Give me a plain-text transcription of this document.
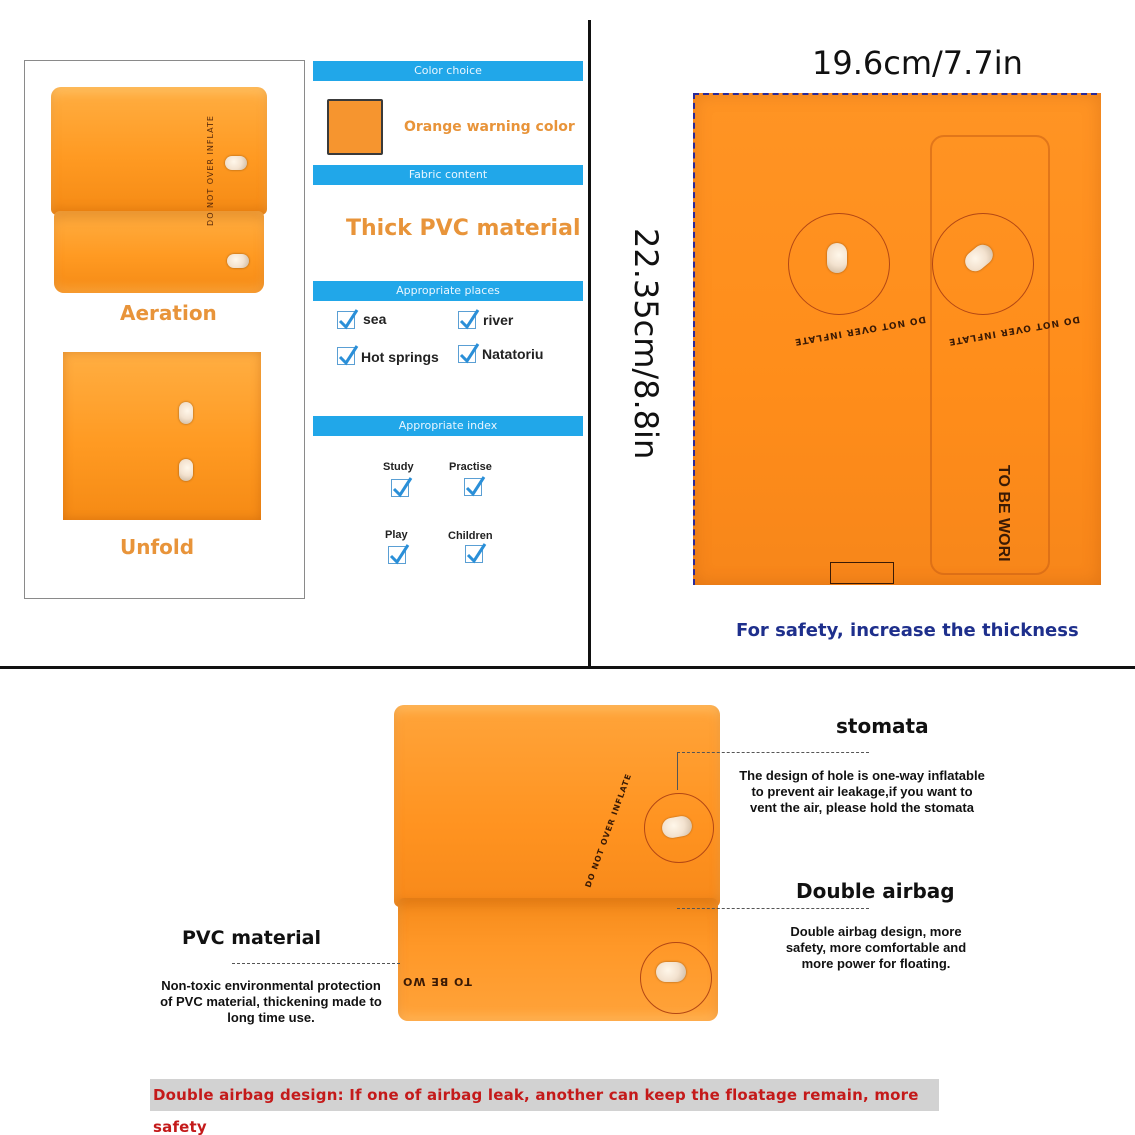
DO NOT OVER INFLATE
Aeration
Unfold
Color choice
Orange warning color
Fabric content
Thick PVC material
Appropriate places
sea	river
Hot springs	Natatoriu
Appropriate index
Study	Practise
Play	Children
19.6cm/7.7in
22.35cm/8.8in	DO NOT OVER INFLATE DO NOT OVER INFLATE
TO BE WORI
For safety, increase the thickness
DO NOT OVER INFLATE
TO BE WO
stomata
The design of hole is one-way inflatable to prevent air leakage,if you want to vent the air, please hold the stomata
Double airbag
Double airbag design, more safety, more comfortable and more power for floating.
PVC material
Non-toxic environmental protection of PVC material, thickening made to long time use.
Double airbag design: If one of airbag leak, another can keep the floatage remain, more safety
